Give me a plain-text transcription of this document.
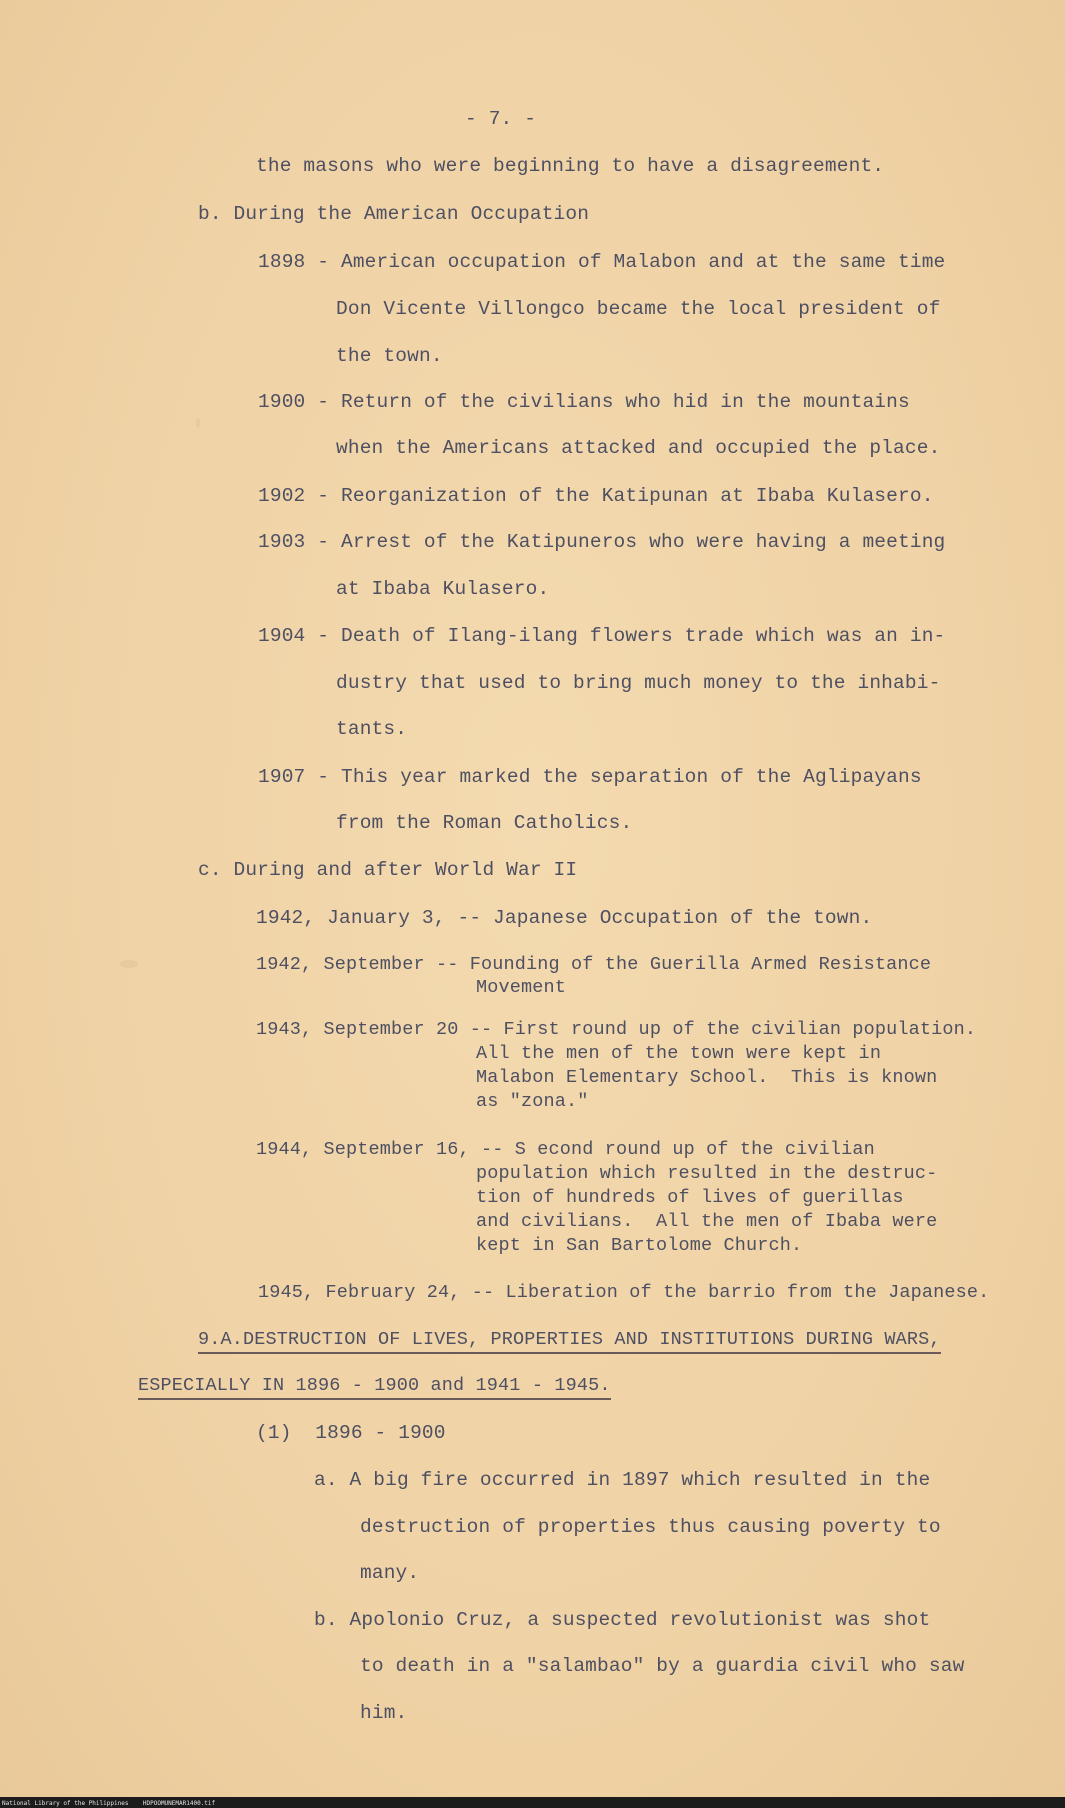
- 7. -
the masons who were beginning to have a disagreement.
b. During the American Occupation
1898 - American occupation of Malabon and at the same time
Don Vicente Villongco became the local president of
the town.
1900 - Return of the civilians who hid in the mountains
when the Americans attacked and occupied the place.
1902 - Reorganization of the Katipunan at Ibaba Kulasero.
1903 - Arrest of the Katipuneros who were having a meeting
at Ibaba Kulasero.
1904 - Death of Ilang-ilang flowers trade which was an in-
dustry that used to bring much money to the inhabi-
tants.
1907 - This year marked the separation of the Aglipayans
from the Roman Catholics.
c. During and after World War II
1942, January 3, -- Japanese Occupation of the town.
1942, September -- Founding of the Guerilla Armed Resistance
Movement
1943, September 20 -- First round up of the civilian population.
All the men of the town were kept in
Malabon Elementary School.  This is known
as "zona."
1944, September 16, -- S econd round up of the civilian
population which resulted in the destruc-
tion of hundreds of lives of guerillas
and civilians.  All the men of Ibaba were
kept in San Bartolome Church.
1945, February 24, -- Liberation of the barrio from the Japanese.
9.A.DESTRUCTION OF LIVES, PROPERTIES AND INSTITUTIONS DURING WARS,
ESPECIALLY IN 1896 - 1900 and 1941 - 1945.
(1)  1896 - 1900
a. A big fire occurred in 1897 which resulted in the
destruction of properties thus causing poverty to
many.
b. Apolonio Cruz, a suspected revolutionist was shot
to death in a "salambao" by a guardia civil who saw
him.
National Library of the Philippines    HDPOOMUNEMAR1400.tif
